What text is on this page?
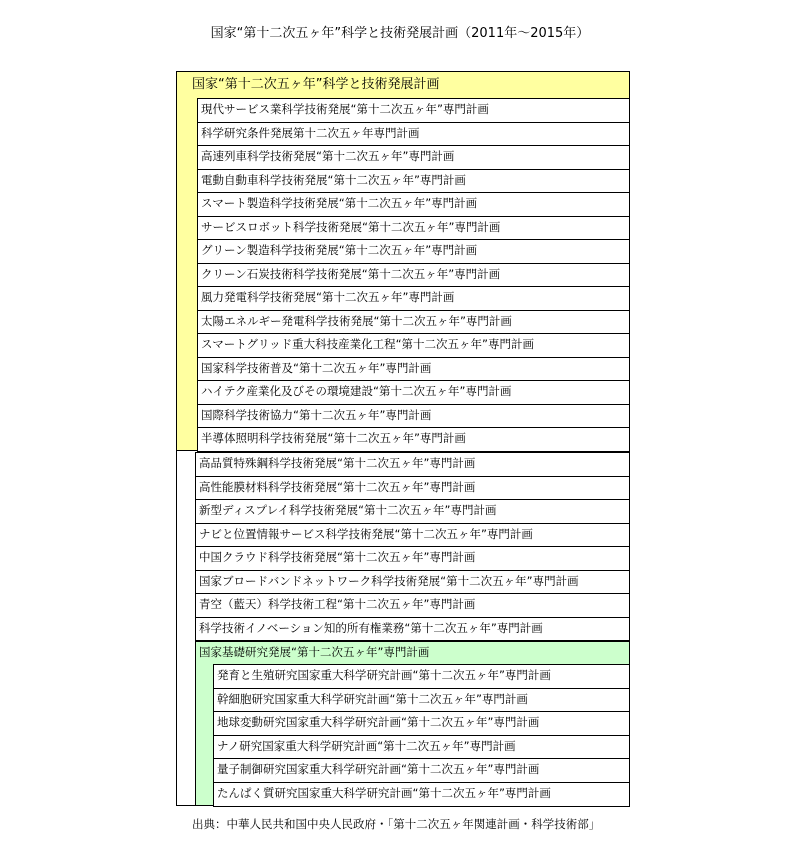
国家“第十二次五ヶ年”科学と技術発展計画（2011年～2015年）
国家“第十二次五ヶ年”科学と技術発展計画
現代サービス業科学技術発展“第十二次五ヶ年”専門計画
科学研究条件発展第十二次五ヶ年専門計画
高速列車科学技術発展“第十二次五ヶ年”専門計画
電動自動車科学技術発展“第十二次五ヶ年”専門計画
スマート製造科学技術発展“第十二次五ヶ年”専門計画
サービスロボット科学技術発展“第十二次五ヶ年”専門計画
グリーン製造科学技術発展“第十二次五ヶ年”専門計画
クリーン石炭技術科学技術発展“第十二次五ヶ年”専門計画
風力発電科学技術発展“第十二次五ヶ年”専門計画
太陽エネルギー発電科学技術発展“第十二次五ヶ年”専門計画
スマートグリッド重大科技産業化工程“第十二次五ヶ年”専門計画
国家科学技術普及“第十二次五ヶ年”専門計画
ハイテク産業化及びその環境建設“第十二次五ヶ年”専門計画
国際科学技術協力“第十二次五ヶ年”専門計画
半導体照明科学技術発展“第十二次五ヶ年”専門計画
高品質特殊鋼科学技術発展“第十二次五ヶ年”専門計画
高性能膜材料科学技術発展“第十二次五ヶ年”専門計画
新型ディスプレイ科学技術発展“第十二次五ヶ年”専門計画
ナビと位置情報サービス科学技術発展“第十二次五ヶ年”専門計画
中国クラウド科学技術発展“第十二次五ヶ年”専門計画
国家ブロードバンドネットワーク科学技術発展“第十二次五ヶ年”専門計画
青空（藍天）科学技術工程“第十二次五ヶ年”専門計画
科学技術イノベーション知的所有権業務“第十二次五ヶ年”専門計画
国家基礎研究発展“第十二次五ヶ年”専門計画
発育と生殖研究国家重大科学研究計画“第十二次五ヶ年”専門計画
幹細胞研究国家重大科学研究計画“第十二次五ヶ年”専門計画
地球変動研究国家重大科学研究計画“第十二次五ヶ年”専門計画
ナノ研究国家重大科学研究計画“第十二次五ヶ年”専門計画
量子制御研究国家重大科学研究計画“第十二次五ヶ年”専門計画
たんぱく質研究国家重大科学研究計画“第十二次五ヶ年”専門計画
出典：中華人民共和国中央人民政府・「第十二次五ヶ年関連計画・科学技術部」
